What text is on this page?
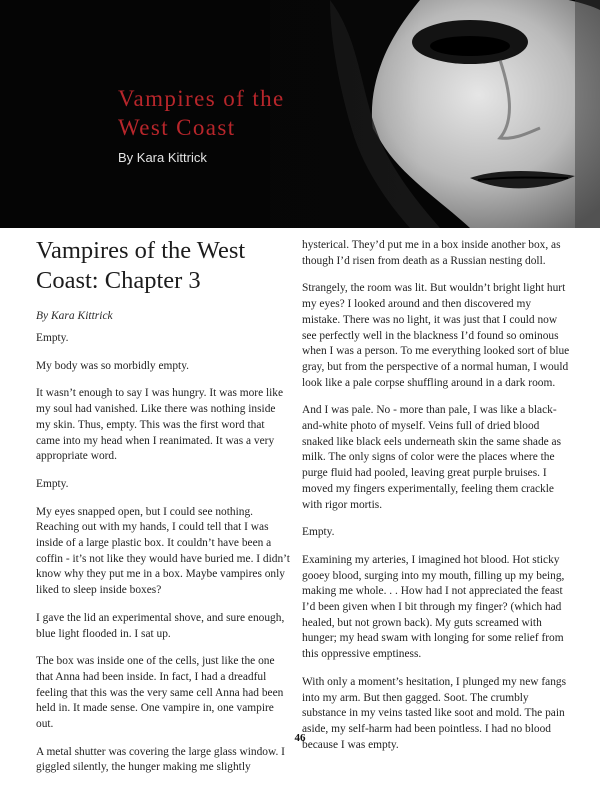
Vampires of the West Coast
By Kara Kittrick
Vampires of the West Coast: Chapter 3
By Kara Kittrick

Empty.

My body was so morbidly empty.

It wasn’t enough to say I was hungry. It was more like my soul had vanished. Like there was nothing inside my skin. Thus, empty. This was the first word that came into my head when I reanimated. It was a very appropriate word.

Empty.

My eyes snapped open, but I could see nothing. Reaching out with my hands, I could tell that I was inside of a large plastic box. It couldn’t have been a coffin - it’s not like they would have buried me. I didn’t know why they put me in a box. Maybe vampires only liked to sleep inside boxes?

I gave the lid an experimental shove, and sure enough, blue light flooded in. I sat up.

The box was inside one of the cells, just like the one that Anna had been inside. In fact, I had a dreadful feeling that this was the very same cell Anna had been held in. It made sense. One vampire in, one vampire out.

A metal shutter was covering the large glass window. I giggled silently, the hunger making me slightly

hysterical. They’d put me in a box inside another box, as though I’d risen from death as a Russian nesting doll.

Strangely, the room was lit. But wouldn’t bright light hurt my eyes? I looked around and then discovered my mistake. There was no light, it was just that I could now see perfectly well in the blackness I’d found so ominous when I was a person. To me everything looked sort of blue gray, but from the perspective of a normal human, I would look like a pale corpse shuffling around in a dark room.

And I was pale. No - more than pale, I was like a black-and-white photo of myself. Veins full of dried blood snaked like black eels underneath skin the same shade as milk. The only signs of color were the places where the purge fluid had pooled, leaving great purple bruises. I moved my fingers experimentally, feeling them crackle with rigor mortis.

Empty.

Examining my arteries, I imagined hot blood. Hot sticky gooey blood, surging into my mouth, filling up my being, making me whole. . . How had I not appreciated the feast I’d been given when I bit through my finger? (which had healed, but not grown back). My guts screamed with hunger; my head swam with longing for some relief from this oppressive emptiness.

With only a moment’s hesitation, I plunged my new fangs into my arm. But then gagged. Soot. The crumbly substance in my veins tasted like soot and mold. The pain aside, my self-harm had been pointless. I had no blood because I was empty.

46
